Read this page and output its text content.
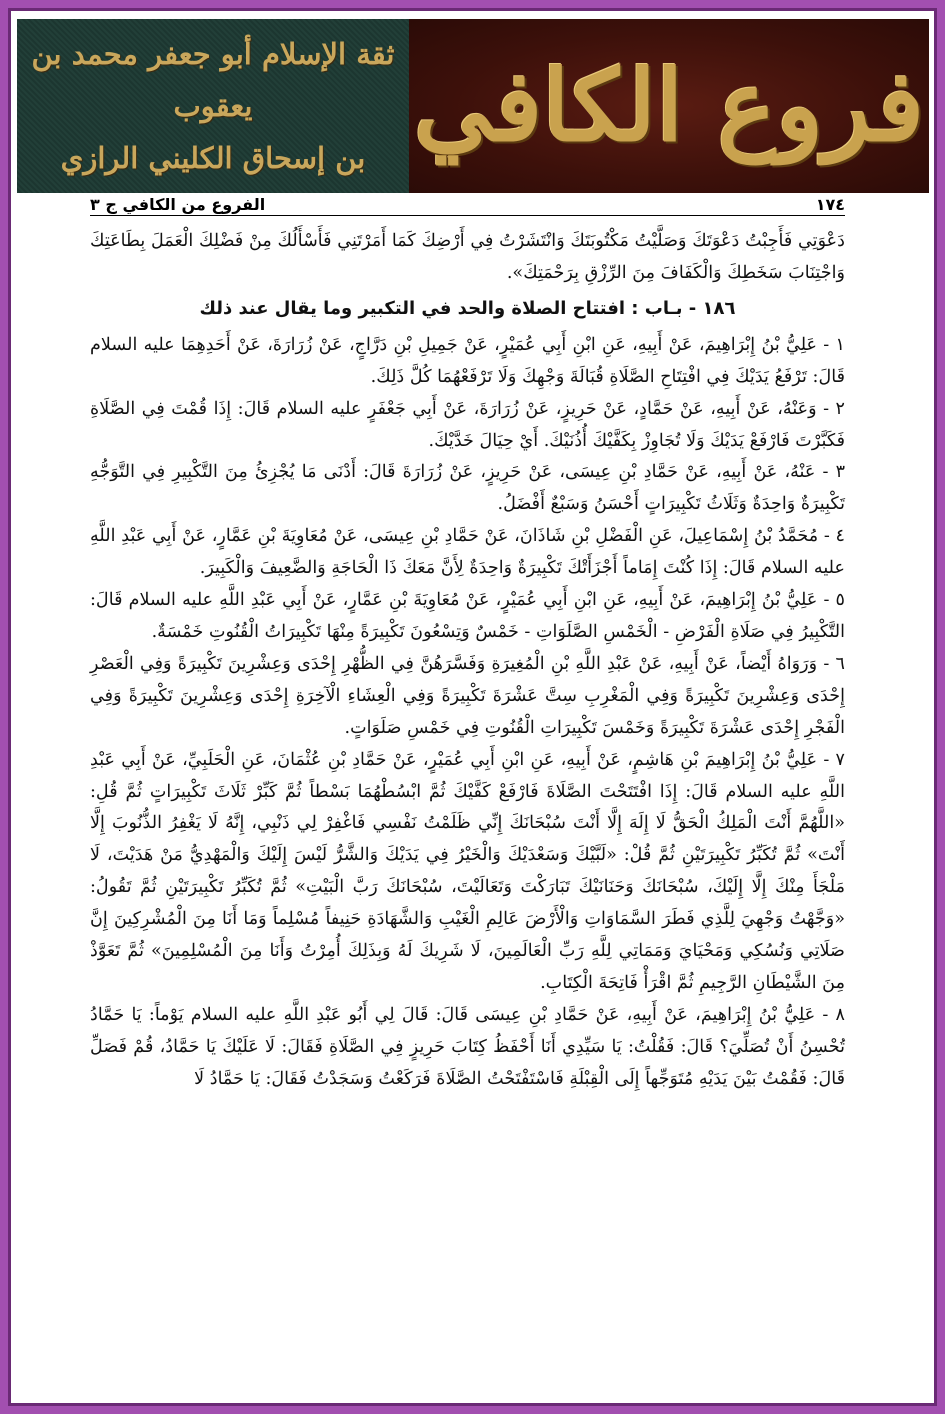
ثقة الإسلام أبو جعفر محمد بن يعقوب
بن إسحاق الكليني الرازي فروع الكافي
١٧٤
الفروع من الكافي ج ٣

دَعْوَتِي فَأَجِبْتُ دَعْوَتَكَ وَصَلَّيْتُ مَكْتُوبَتَكَ وَانْتَشَرْتُ فِي أَرْضِكَ كَمَا أَمَرْتَنِي فَأَسْأَلُكَ مِنْ فَضْلِكَ الْعَمَلَ بِطَاعَتِكَ وَاجْتِنَابَ سَخَطِكَ وَالْكَفَافَ مِنَ الرِّزْقِ بِرَحْمَتِكَ».

١٨٦ - بـاب : افتتاح الصلاة والحد في التكبير وما يقال عند ذلك

١ - عَلِيُّ بْنُ إِبْرَاهِيمَ، عَنْ أَبِيهِ، عَنِ ابْنِ أَبِي عُمَيْرٍ، عَنْ جَمِيلِ بْنِ دَرَّاجٍ، عَنْ زُرَارَةَ، عَنْ أَحَدِهِمَا عليه السلام قَالَ: تَرْفَعُ يَدَيْكَ فِي افْتِتَاحِ الصَّلَاةِ قُبَالَةَ وَجْهِكَ وَلَا تَرْفَعْهُمَا كُلَّ ذَلِكَ.

٢ - وَعَنْهُ، عَنْ أَبِيهِ، عَنْ حَمَّادٍ، عَنْ حَرِيزٍ، عَنْ زُرَارَةَ، عَنْ أَبِي جَعْفَرٍ عليه السلام قَالَ: إِذَا قُمْتَ فِي الصَّلَاةِ فَكَبَّرْتَ فَارْفَعْ يَدَيْكَ وَلَا تُجَاوِزْ بِكَفَّيْكَ أُذُنَيْكَ. أَيْ حِيَالَ خَدَّيْكَ.

٣ - عَنْهُ، عَنْ أَبِيهِ، عَنْ حَمَّادِ بْنِ عِيسَى، عَنْ حَرِيزٍ، عَنْ زُرَارَةَ قَالَ: أَدْنَى مَا يُجْزِئُ مِنَ التَّكْبِيرِ فِي التَّوَجُّهِ تَكْبِيرَةٌ وَاحِدَةٌ وَثَلَاثُ تَكْبِيرَاتٍ أَحْسَنُ وَسَبْعٌ أَفْضَلُ.

٤ - مُحَمَّدُ بْنُ إِسْمَاعِيلَ، عَنِ الْفَضْلِ بْنِ شَاذَانَ، عَنْ حَمَّادِ بْنِ عِيسَى، عَنْ مُعَاوِيَةَ بْنِ عَمَّارٍ، عَنْ أَبِي عَبْدِ اللَّهِ عليه السلام قَالَ: إِذَا كُنْتَ إِمَاماً أَجْزَأَتْكَ تَكْبِيرَةٌ وَاحِدَةٌ لِأَنَّ مَعَكَ ذَا الْحَاجَةِ وَالضَّعِيفَ وَالْكَبِيرَ.

٥ - عَلِيُّ بْنُ إِبْرَاهِيمَ، عَنْ أَبِيهِ، عَنِ ابْنِ أَبِي عُمَيْرٍ، عَنْ مُعَاوِيَةَ بْنِ عَمَّارٍ، عَنْ أَبِي عَبْدِ اللَّهِ عليه السلام قَالَ: التَّكْبِيرُ فِي صَلَاةِ الْفَرْضِ - الْخَمْسِ الصَّلَوَاتِ - خَمْسٌ وَتِسْعُونَ تَكْبِيرَةً مِنْهَا تَكْبِيرَاتُ الْقُنُوتِ خَمْسَةٌ.

٦ - وَرَوَاهُ أَيْضاً، عَنْ أَبِيهِ، عَنْ عَبْدِ اللَّهِ بْنِ الْمُغِيرَةِ وَفَسَّرَهُنَّ فِي الظُّهْرِ إِحْدَى وَعِشْرِينَ تَكْبِيرَةً وَفِي الْعَصْرِ إِحْدَى وَعِشْرِينَ تَكْبِيرَةً وَفِي الْمَغْرِبِ سِتَّ عَشْرَةَ تَكْبِيرَةً وَفِي الْعِشَاءِ الْآخِرَةِ إِحْدَى وَعِشْرِينَ تَكْبِيرَةً وَفِي الْفَجْرِ إِحْدَى عَشْرَةَ تَكْبِيرَةً وَخَمْسَ تَكْبِيرَاتِ الْقُنُوتِ فِي خَمْسِ صَلَوَاتٍ.

٧ - عَلِيُّ بْنُ إِبْرَاهِيمَ بْنِ هَاشِمٍ، عَنْ أَبِيهِ، عَنِ ابْنِ أَبِي عُمَيْرٍ، عَنْ حَمَّادِ بْنِ عُثْمَانَ، عَنِ الْحَلَبِيِّ، عَنْ أَبِي عَبْدِ اللَّهِ عليه السلام قَالَ: إِذَا افْتَتَحْتَ الصَّلَاةَ فَارْفَعْ كَفَّيْكَ ثُمَّ ابْسُطْهُمَا بَسْطاً ثُمَّ كَبِّرْ ثَلَاثَ تَكْبِيرَاتٍ ثُمَّ قُلِ: «اللَّهُمَّ أَنْتَ الْمَلِكُ الْحَقُّ لَا إِلَهَ إِلَّا أَنْتَ سُبْحَانَكَ إِنِّي ظَلَمْتُ نَفْسِي فَاغْفِرْ لِي ذَنْبِي، إِنَّهُ لَا يَغْفِرُ الذُّنُوبَ إِلَّا أَنْتَ» ثُمَّ تُكَبِّرُ تَكْبِيرَتَيْنِ ثُمَّ قُلْ: «لَبَّيْكَ وَسَعْدَيْكَ وَالْخَيْرُ فِي يَدَيْكَ وَالشَّرُّ لَيْسَ إِلَيْكَ وَالْمَهْدِيُّ مَنْ هَدَيْتَ، لَا مَلْجَأَ مِنْكَ إِلَّا إِلَيْكَ، سُبْحَانَكَ وَحَنَانَيْكَ تَبَارَكْتَ وَتَعَالَيْتَ، سُبْحَانَكَ رَبَّ الْبَيْتِ» ثُمَّ تُكَبِّرُ تَكْبِيرَتَيْنِ ثُمَّ تَقُولُ: «وَجَّهْتُ وَجْهِيَ لِلَّذِي فَطَرَ السَّمَاوَاتِ وَالْأَرْضَ عَالِمِ الْغَيْبِ وَالشَّهَادَةِ حَنِيفاً مُسْلِماً وَمَا أَنَا مِنَ الْمُشْرِكِينَ إِنَّ صَلَاتِي وَنُسُكِي وَمَحْيَايَ وَمَمَاتِي لِلَّهِ رَبِّ الْعَالَمِينَ، لَا شَرِيكَ لَهُ وَبِذَلِكَ أُمِرْتُ وَأَنَا مِنَ الْمُسْلِمِينَ» ثُمَّ تَعَوَّذْ مِنَ الشَّيْطَانِ الرَّجِيمِ ثُمَّ اقْرَأْ فَاتِحَةَ الْكِتَابِ.

٨ - عَلِيُّ بْنُ إِبْرَاهِيمَ، عَنْ أَبِيهِ، عَنْ حَمَّادِ بْنِ عِيسَى قَالَ: قَالَ لِي أَبُو عَبْدِ اللَّهِ عليه السلام يَوْماً: يَا حَمَّادُ تُحْسِنُ أَنْ تُصَلِّيَ؟ قَالَ: فَقُلْتُ: يَا سَيِّدِي أَنَا أَحْفَظُ كِتَابَ حَرِيزٍ فِي الصَّلَاةِ فَقَالَ: لَا عَلَيْكَ يَا حَمَّادُ، قُمْ فَصَلِّ قَالَ: فَقُمْتُ بَيْنَ يَدَيْهِ مُتَوَجِّهاً إِلَى الْقِبْلَةِ فَاسْتَفْتَحْتُ الصَّلَاةَ فَرَكَعْتُ وَسَجَدْتُ فَقَالَ: يَا حَمَّادُ لَا
